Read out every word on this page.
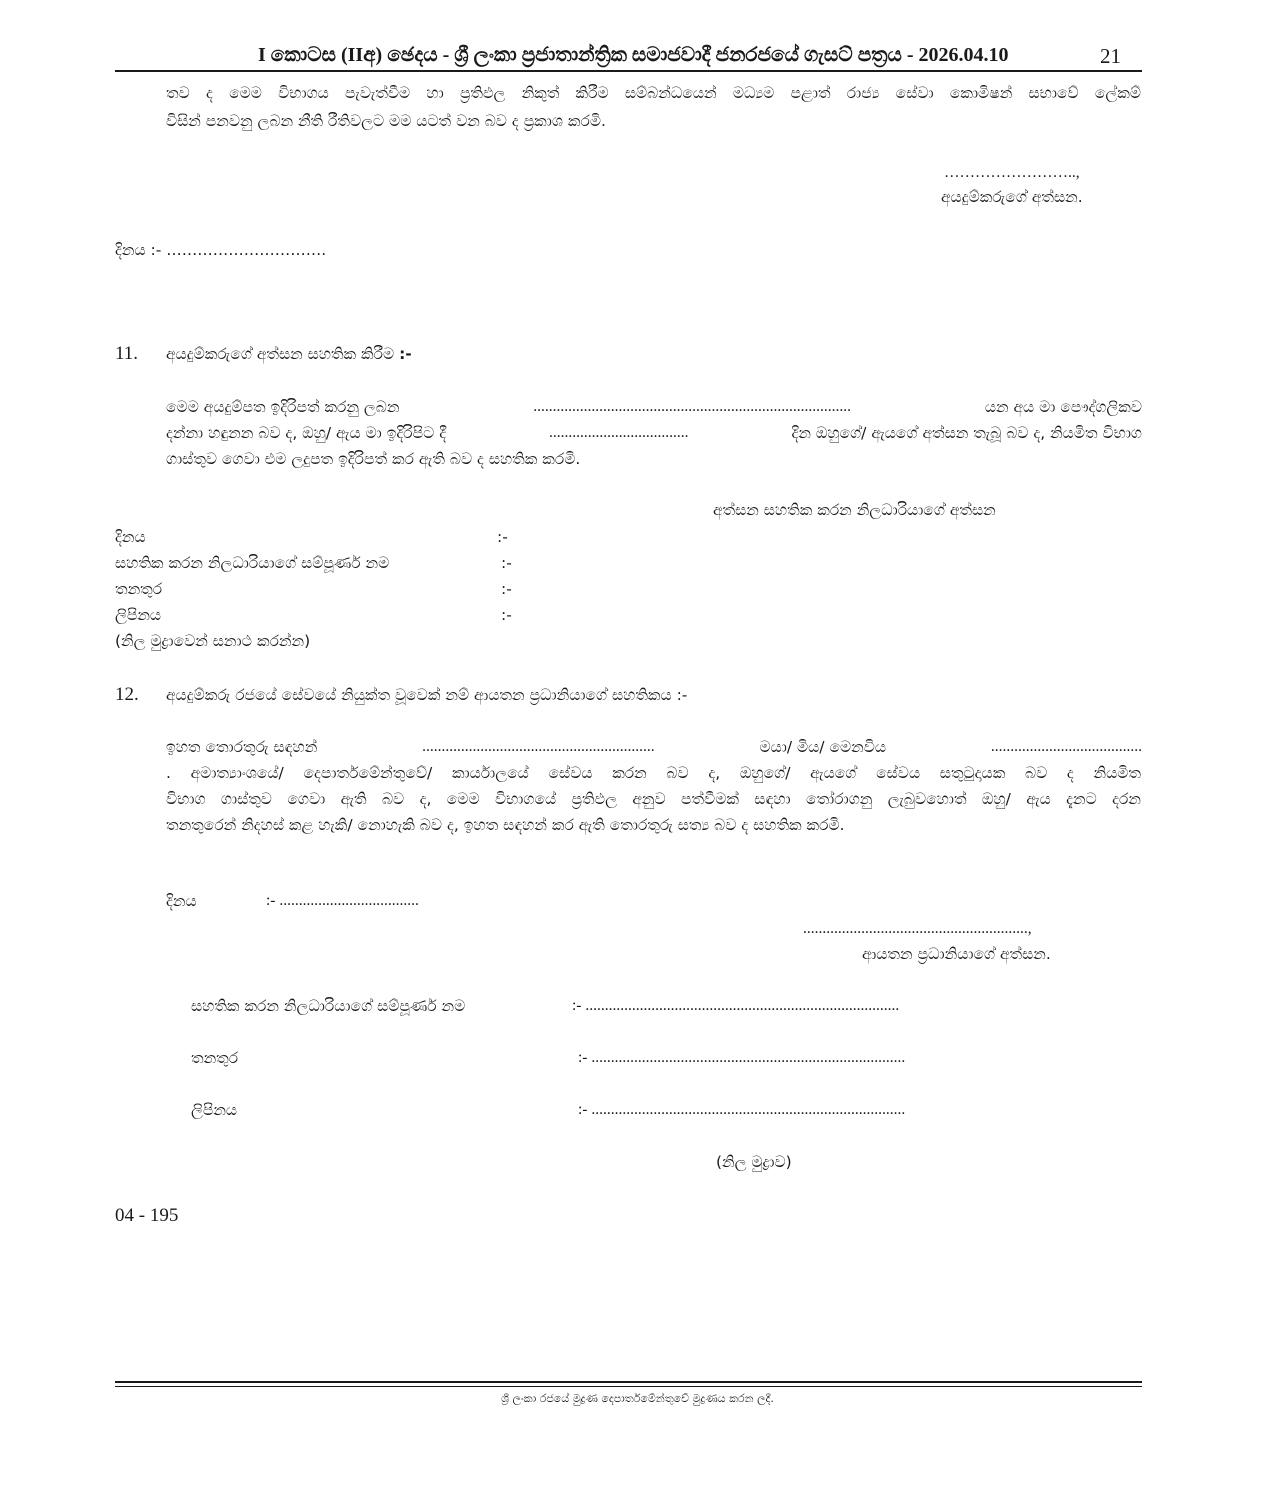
I කොටස (IIඅ) ඡෙදය - ශ්‍රී ලංකා ප්‍රජාතාන්ත්‍රික සමාජවාදී ජනරජයේ ගැසට් පත්‍රය - 2026.04.10	21
තව ද මෙම විභාගය පැවැත්වීම හා ප්‍රතිඵල නිකුත් කිරීම සම්බන්ධයෙන් මධ්‍යම පළාත් රාජ්‍ය සේවා කොමිෂන් සභාවේ ලේකම්
විසින් පනවනු ලබන නීති රීතිවලට මම යටත් වන බව ද ප්‍රකාශ කරමි.
……………………..,
අයදුම්කරුගේ අත්සන.
දිනය :- ………………………….
11. අයදුම්කරුගේ අත්සන සහතික කිරීම :-
මෙම අයදුම්පත ඉදිරිපත් කරනු ලබන	..................................................................................	යන අය මා පෞද්ගලිකව
දන්නා හඳුනන බව ද, ඔහු/ ඇය මා ඉදිරිපිට දී	....................................	දින ඔහුගේ/ ඇයගේ අත්සන තැබූ බව ද, නියමිත විභාග
ගාස්තුව ගෙවා එම ලදුපත ඉදිරිපත් කර ඇති බව ද සහතික කරමි.
අත්සන සහතික කරන නිලධාරියාගේ අත්සන
දිනය	:-
සහතික කරන නිලධාරියාගේ සම්පූර්ණ නම	:-
තනතුර	:-
ලිපිනය	:-
(නිල මුද්‍රාවෙන් සනාථ කරන්න)
12. අයදුම්කරු රජයේ සේවයේ නියුක්ත වූවෙක් නම් ආයතන ප්‍රධානියාගේ සහතිකය :-
ඉහත තොරතුරු සඳහන්	............................................................	මයා/ මිය/ මෙනවිය	.......................................
. අමාත්‍යාංශයේ/ දෙපාර්තමේන්තුවේ/ කාර්යාලයේ සේවය කරන බව ද, ඔහුගේ/ ඇයගේ සේවය සතුටුදායක බව ද නියමිත
විභාග ගාස්තුව ගෙවා ඇති බව ද, මෙම විභාගයේ ප්‍රතිඵල අනුව පත්වීමක් සඳහා තෝරාගනු ලැබුවහොත් ඔහු/ ඇය දැනට දරන
තනතුරෙන් නිදහස් කළ හැකි/ නොහැකි බව ද, ඉහත සඳහන් කර ඇති තොරතුරු සත්‍ය බව ද සහතික කරමි.
දිනය	:- ....................................
..........................................................,
ආයතන ප්‍රධානියාගේ අත්සන.
සහතික කරන නිලධාරියාගේ සම්පූර්ණ නම	:- .................................................................................
තනතුර	:- .................................................................................
ලිපිනය	:- .................................................................................
(නිල මුද්‍රාව)
04 - 195
ශ්‍රී ලංකා රජයේ මුද්‍රණ දෙපාර්තමේන්තුවේ මුද්‍රණය කරන ලදී.
